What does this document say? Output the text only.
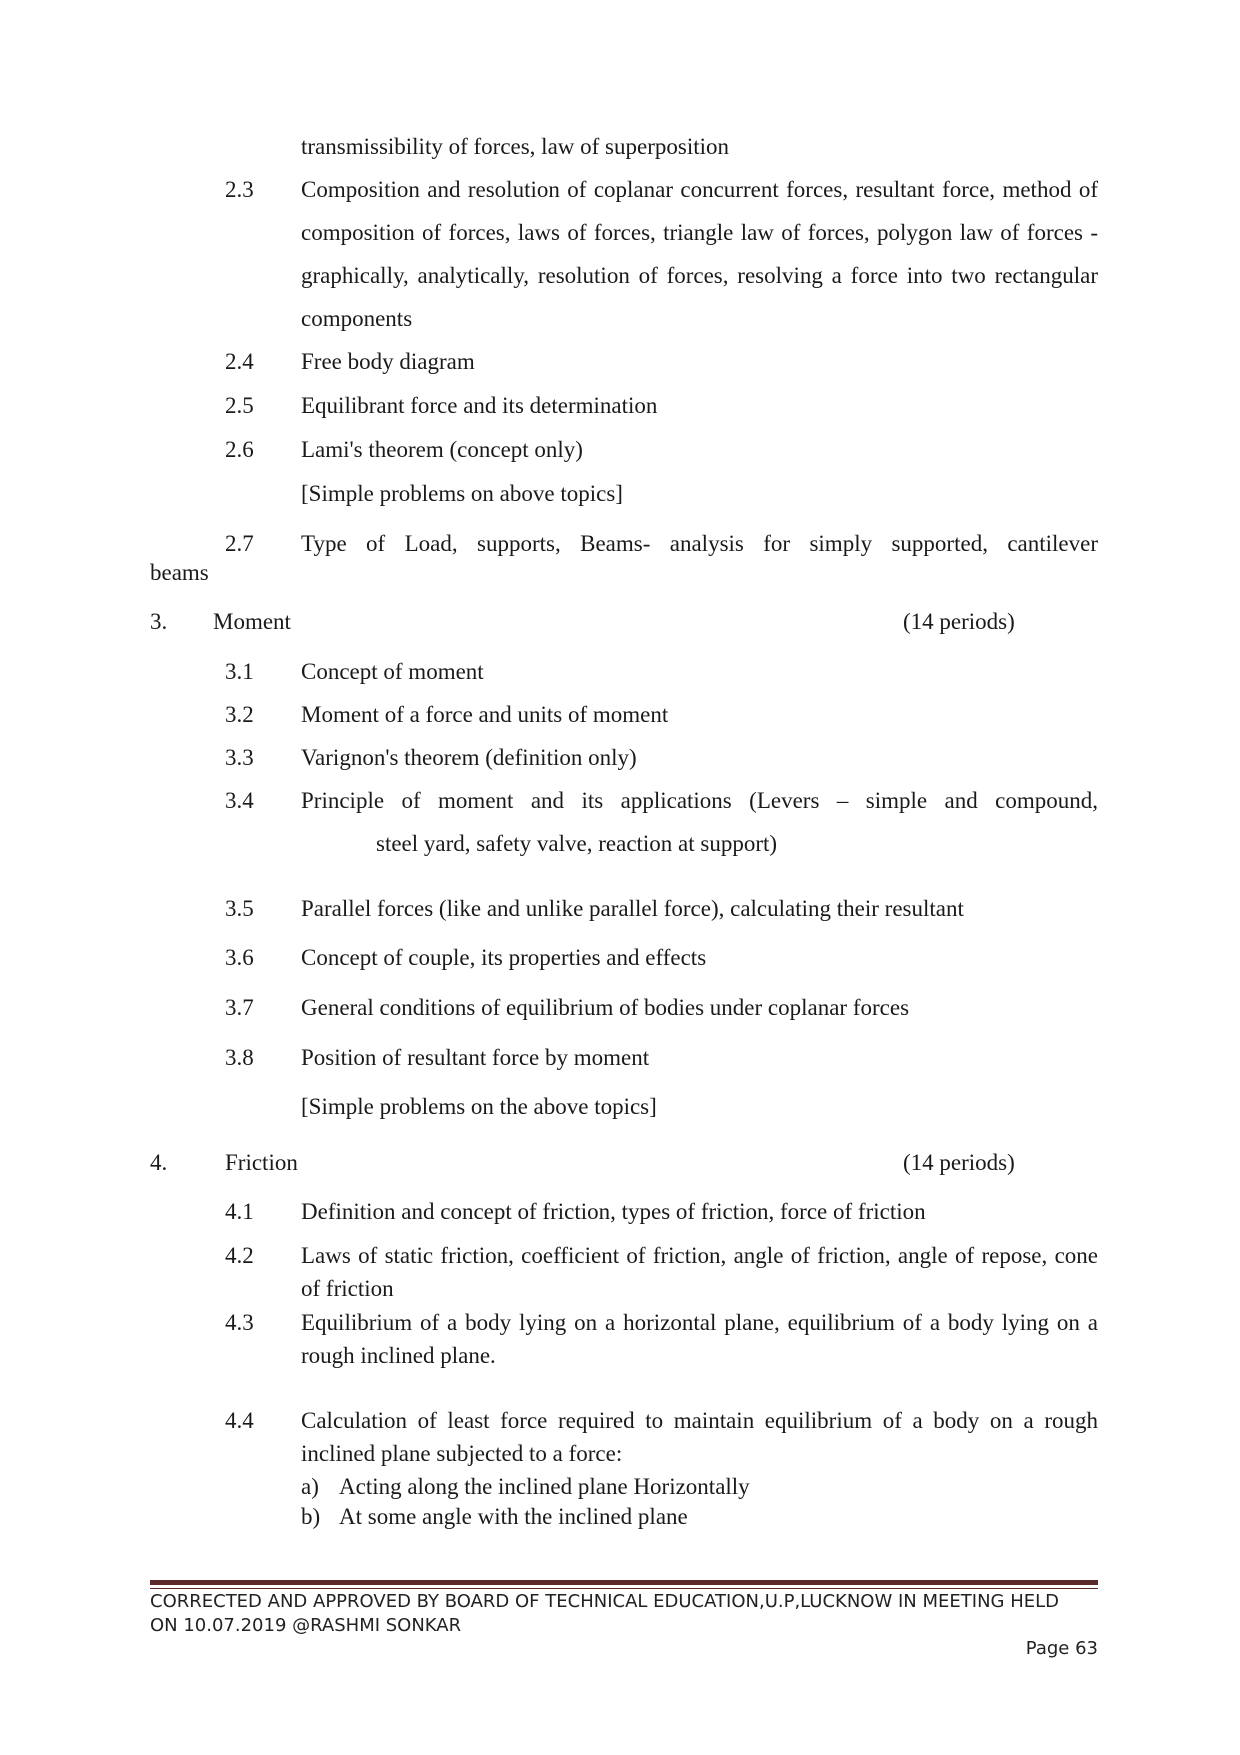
transmissibility of forces, law of superposition
2.3 Composition and resolution of coplanar concurrent forces, resultant force, method of composition of forces, laws of forces, triangle law of forces, polygon law of forces - graphically, analytically, resolution of forces, resolving a force into two rectangular components
2.4 Free body diagram
2.5 Equilibrant force and its determination
2.6 Lami's theorem (concept only)
[Simple problems on above topics]
2.7 Type of Load, supports, Beams- analysis for simply supported, cantilever
beams
3. Moment	(14 periods)
3.1 Concept of moment
3.2 Moment of a force and units of moment
3.3 Varignon's theorem (definition only)
3.4 Principle of moment and its applications (Levers – simple and compound,
steel yard, safety valve, reaction at support)
3.5 Parallel forces (like and unlike parallel force), calculating their resultant
3.6 Concept of couple, its properties and effects
3.7 General conditions of equilibrium of bodies under coplanar forces
3.8 Position of resultant force by moment
[Simple problems on the above topics]
4.	Friction	(14 periods)
4.1 Definition and concept of friction, types of friction, force of friction
4.2 Laws of static friction, coefficient of friction, angle of friction, angle of repose, cone of friction
4.3 Equilibrium of a body lying on a horizontal plane, equilibrium of a body lying on a rough inclined plane.
4.4 Calculation of least force required to maintain equilibrium of a body on a rough inclined plane subjected to a force:
a) Acting along the inclined plane Horizontally
b) At some angle with the inclined plane
CORRECTED AND APPROVED BY BOARD OF TECHNICAL EDUCATION,U.P,LUCKNOW IN MEETING HELD
ON 10.07.2019 @RASHMI SONKAR
Page 63
